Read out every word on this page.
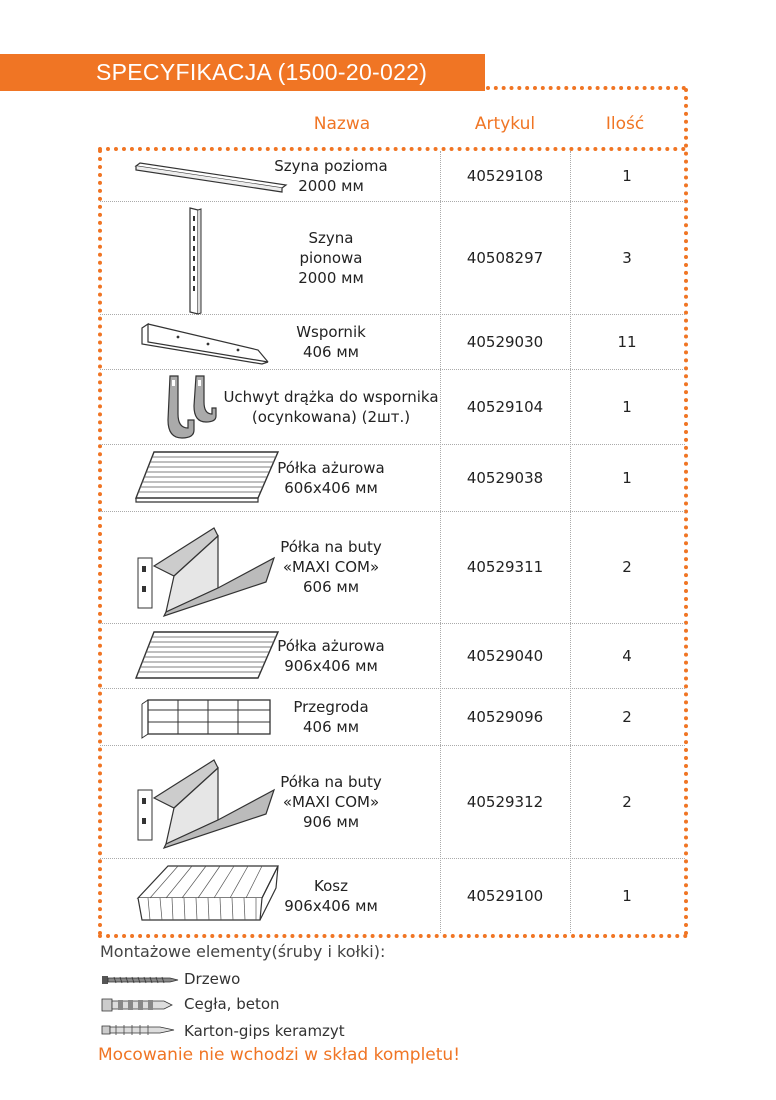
SPECYFIKACJA (1500-20-022)
Nazwa	Artykul	Ilość
Szyna pozioma
2000 мм
40529108	1
Szyna
pionowa
2000 мм
40508297	3
Wspornik
406 мм
40529030	11
Uchwyt drążka do wspornika
(ocynkowana) (2шт.)
40529104	1
Półka ażurowa
606x406 мм
40529038	1
Półka na buty
«MAXI COM»
606 мм
40529311	2
Półka ażurowa
906x406 мм
40529040	4
Przegroda
406 мм
40529096	2
Półka na buty
«MAXI COM»
906 мм
40529312	2
Kosz
906x406 мм
40529100	1
Montażowe elementy(śruby i kołki):
Drzewo
Cegła, beton
Karton-gips keramzyt
Mocowanie nie wchodzi w skład kompletu!
